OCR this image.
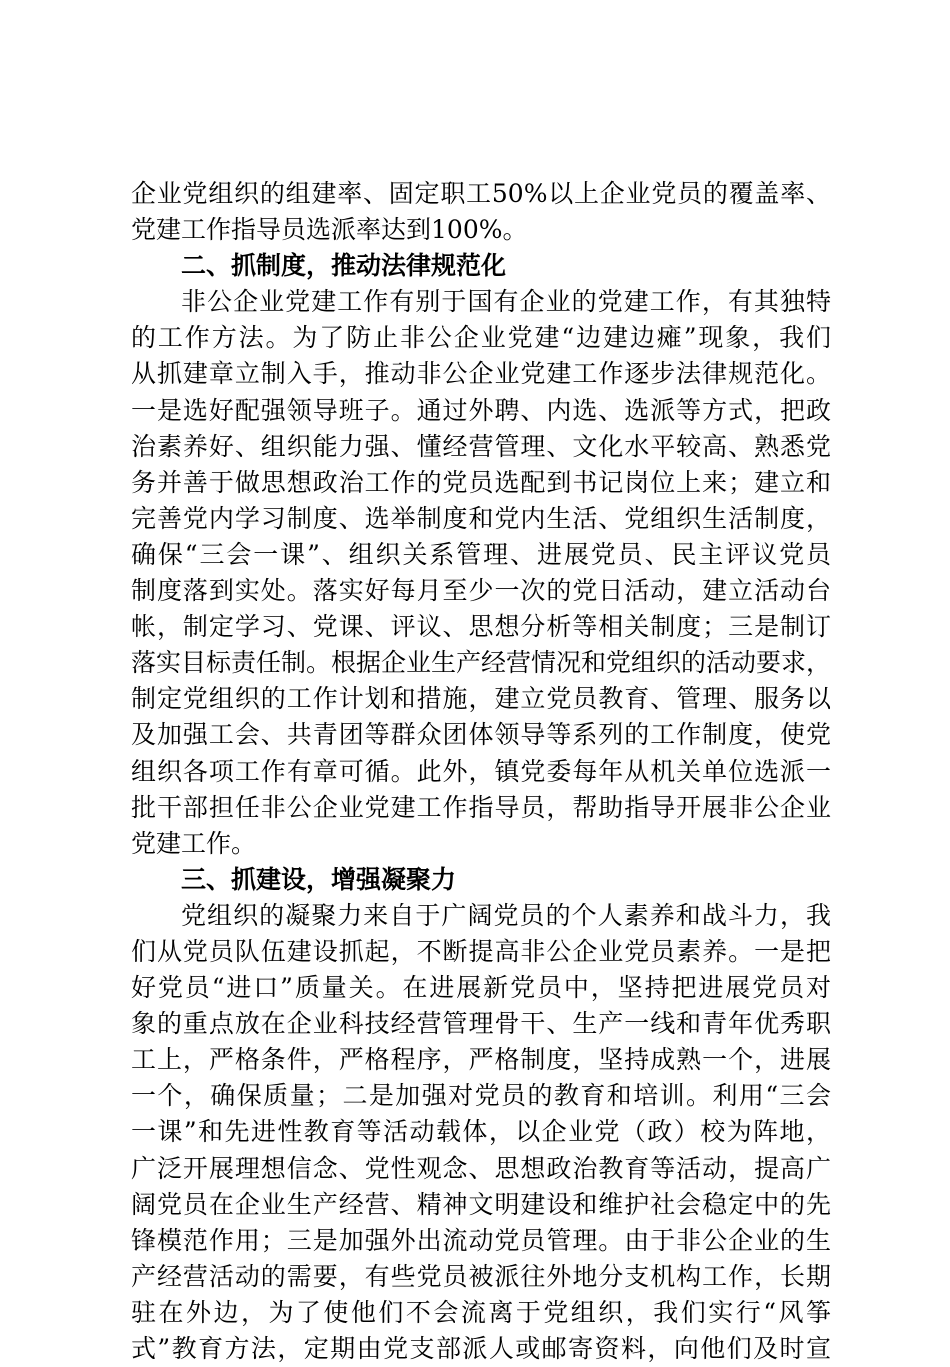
企业党组织的组建率、固定职工50%以上企业党员的覆盖率、
党建工作指导员选派率达到100%。
二、抓制度，推动法律规范化
非公企业党建工作有别于国有企业的党建工作，有其独特
的工作方法。为了防止非公企业党建“边建边瘫”现象，我们
从抓建章立制入手，推动非公企业党建工作逐步法律规范化。
一是选好配强领导班子。通过外聘、内选、选派等方式，把政
治素养好、组织能力强、懂经营管理、文化水平较高、熟悉党
务并善于做思想政治工作的党员选配到书记岗位上来；建立和
完善党内学习制度、选举制度和党内生活、党组织生活制度，
确保“三会一课”、组织关系管理、进展党员、民主评议党员
制度落到实处。落实好每月至少一次的党日活动，建立活动台
帐，制定学习、党课、评议、思想分析等相关制度；三是制订
落实目标责任制。根据企业生产经营情况和党组织的活动要求，
制定党组织的工作计划和措施，建立党员教育、管理、服务以
及加强工会、共青团等群众团体领导等系列的工作制度，使党
组织各项工作有章可循。此外，镇党委每年从机关单位选派一
批干部担任非公企业党建工作指导员，帮助指导开展非公企业
党建工作。
三、抓建设，增强凝聚力
党组织的凝聚力来自于广阔党员的个人素养和战斗力，我
们从党员队伍建设抓起，不断提高非公企业党员素养。一是把
好党员“进口”质量关。在进展新党员中，坚持把进展党员对
象的重点放在企业科技经营管理骨干、生产一线和青年优秀职
工上，严格条件，严格程序，严格制度，坚持成熟一个，进展
一个，确保质量；二是加强对党员的教育和培训。利用“三会
一课”和先进性教育等活动载体，以企业党（政）校为阵地，
广泛开展理想信念、党性观念、思想政治教育等活动，提高广
阔党员在企业生产经营、精神文明建设和维护社会稳定中的先
锋模范作用；三是加强外出流动党员管理。由于非公企业的生
产经营活动的需要，有些党员被派往外地分支机构工作，长期
驻在外边，为了使他们不会流离于党组织，我们实行“风筝
式”教育方法，定期由党支部派人或邮寄资料，向他们及时宣
